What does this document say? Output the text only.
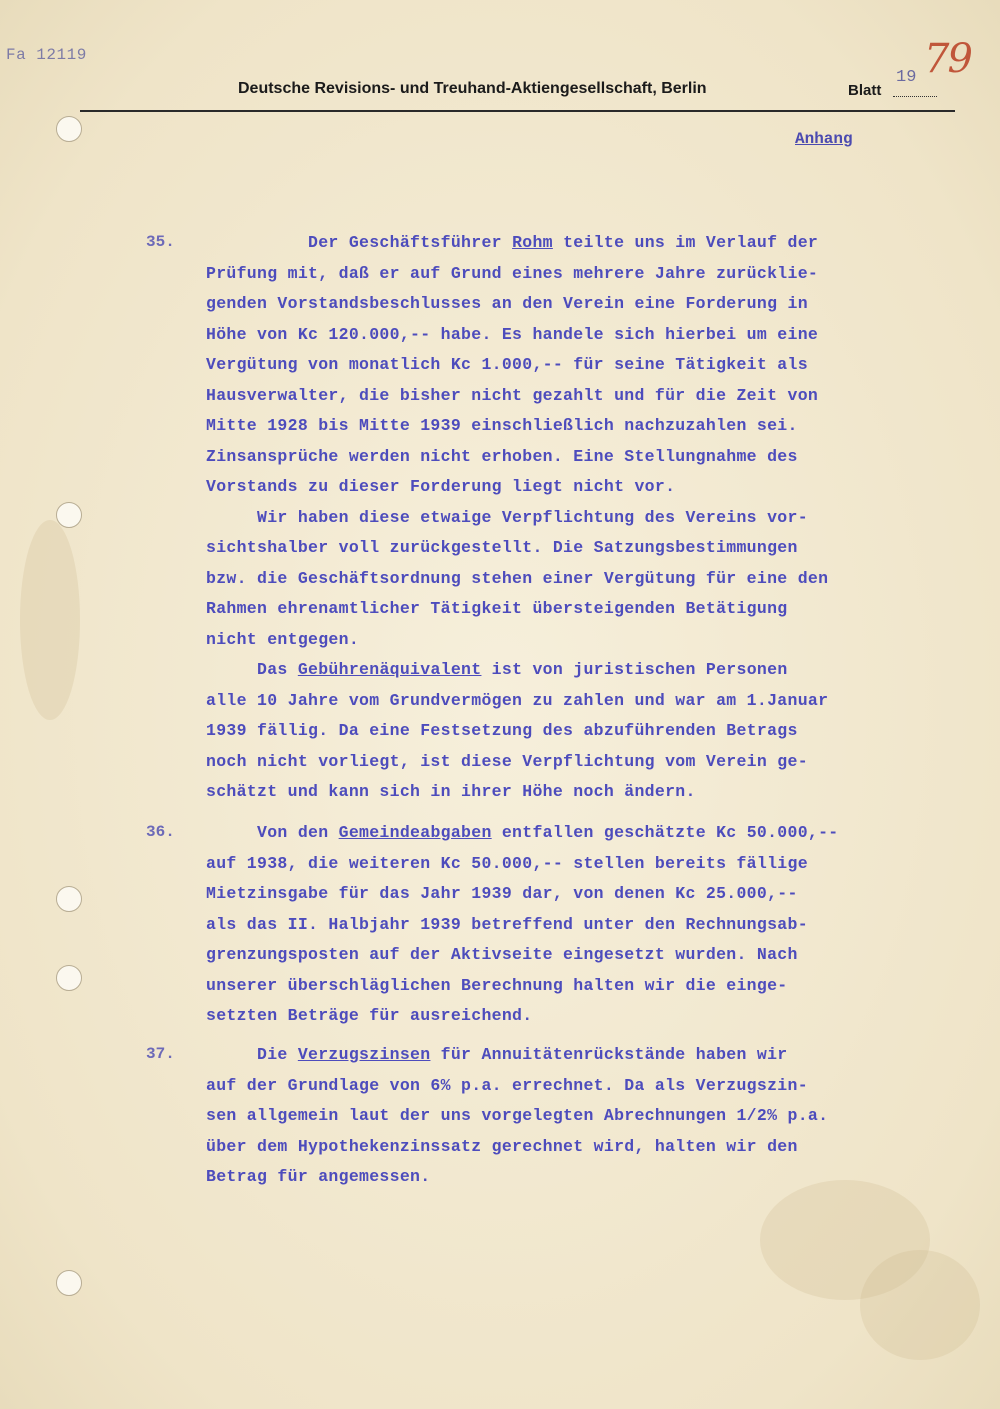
Fa 12119
Deutsche Revisions- und Treuhand-Aktiengesellschaft, Berlin	Blatt
19 79
Anhang
35. Der Geschäftsführer Rohm teilte uns im Verlauf der
Prüfung mit, daß er auf Grund eines mehrere Jahre zurücklie-
genden Vorstandsbeschlusses an den Verein eine Forderung in
Höhe von Kc 120.000,-- habe. Es handele sich hierbei um eine
Vergütung von monatlich Kc 1.000,-- für seine Tätigkeit als
Hausverwalter, die bisher nicht gezahlt und für die Zeit von
Mitte 1928 bis Mitte 1939 einschließlich nachzuzahlen sei.
Zinsansprüche werden nicht erhoben. Eine Stellungnahme des
Vorstands zu dieser Forderung liegt nicht vor.
Wir haben diese etwaige Verpflichtung des Vereins vor-
sichtshalber voll zurückgestellt. Die Satzungsbestimmungen
bzw. die Geschäftsordnung stehen einer Vergütung für eine den
Rahmen ehrenamtlicher Tätigkeit übersteigenden Betätigung
nicht entgegen.
Das Gebührenäquivalent ist von juristischen Personen
alle 10 Jahre vom Grundvermögen zu zahlen und war am 1.Januar
1939 fällig. Da eine Festsetzung des abzuführenden Betrags
noch nicht vorliegt, ist diese Verpflichtung vom Verein ge-
schätzt und kann sich in ihrer Höhe noch ändern.
36. Von den Gemeindeabgaben entfallen geschätzte Kc 50.000,--
auf 1938, die weiteren Kc 50.000,-- stellen bereits fällige
Mietzinsgabe für das Jahr 1939 dar, von denen Kc 25.000,--
als das II. Halbjahr 1939 betreffend unter den Rechnungsab-
grenzungsposten auf der Aktivseite eingesetzt wurden. Nach
unserer überschläglichen Berechnung halten wir die einge-
setzten Beträge für ausreichend.
37. Die Verzugszinsen für Annuitätenrückstände haben wir
auf der Grundlage von 6% p.a. errechnet. Da als Verzugszin-
sen allgemein laut der uns vorgelegten Abrechnungen 1/2% p.a.
über dem Hypothekenzinssatz gerechnet wird, halten wir den
Betrag für angemessen.
